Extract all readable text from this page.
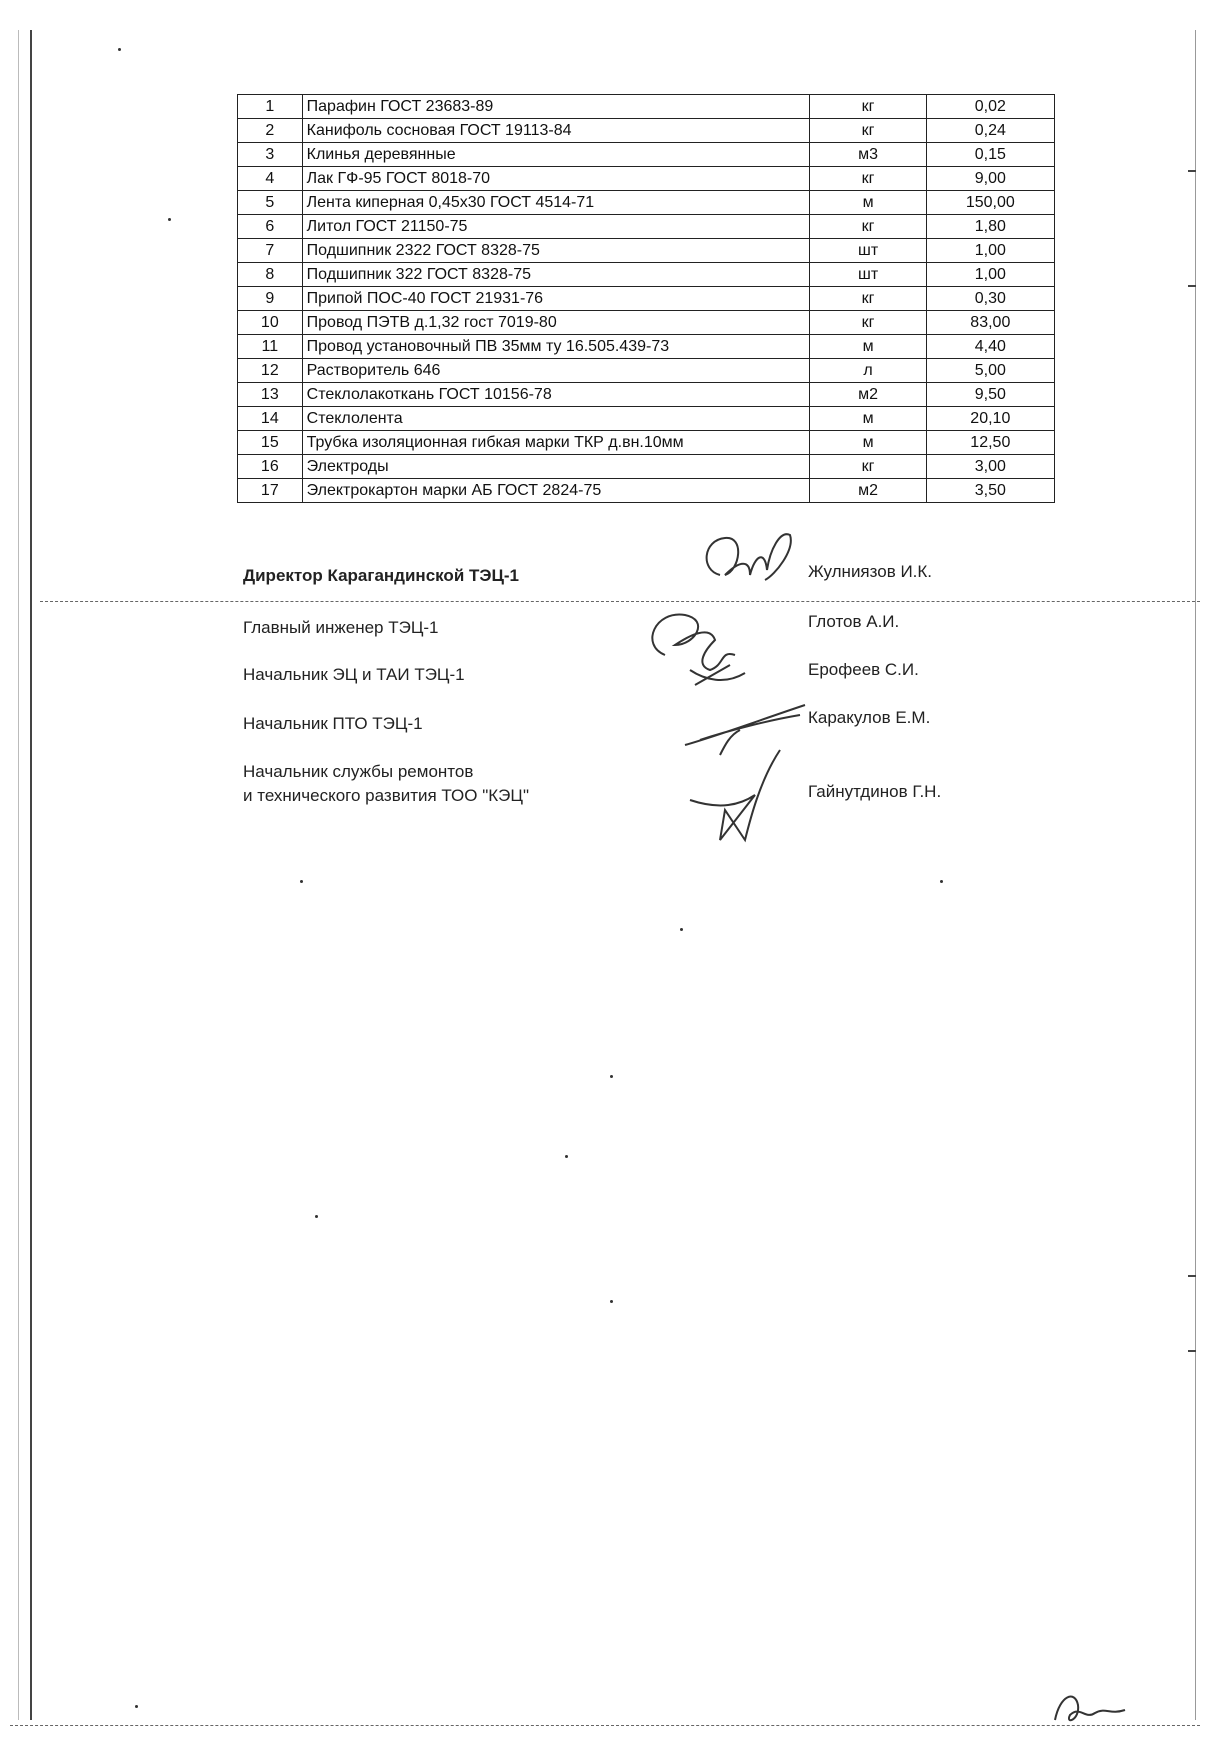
1	Парафин ГОСТ 23683-89	кг	0,02
2	Канифоль сосновая ГОСТ 19113-84	кг	0,24
3	Клинья деревянные	м3	0,15
4	Лак ГФ-95 ГОСТ 8018-70	кг	9,00
5	Лента киперная 0,45х30 ГОСТ 4514-71	м	150,00
6	Литол ГОСТ 21150-75	кг	1,80
7	Подшипник 2322 ГОСТ 8328-75	шт	1,00
8	Подшипник 322 ГОСТ 8328-75	шт	1,00
9	Припой ПОС-40 ГОСТ 21931-76	кг	0,30
10	Провод ПЭТВ д.1,32 гост 7019-80	кг	83,00
11	Провод установочный ПВ 35мм ту 16.505.439-73	м	4,40
12	Растворитель 646	л	5,00
13	Стеклолакоткань ГОСТ 10156-78	м2	9,50
14	Стеклолента	м	20,10
15	Трубка изоляционная гибкая марки ТКР д.вн.10мм	м	12,50
16	Электроды	кг	3,00
17	Электрокартон марки АБ ГОСТ 2824-75	м2	3,50
Директор Карагандинской ТЭЦ-1	Жулниязов И.К.
Главный инженер ТЭЦ-1	Глотов А.И.
Начальник ЭЦ и ТАИ ТЭЦ-1	Ерофеев С.И.
Начальник ПТО ТЭЦ-1	Каракулов Е.М.
Начальник службы ремонтов
и технического развития ТОО "КЭЦ"	Гайнутдинов Г.Н.
